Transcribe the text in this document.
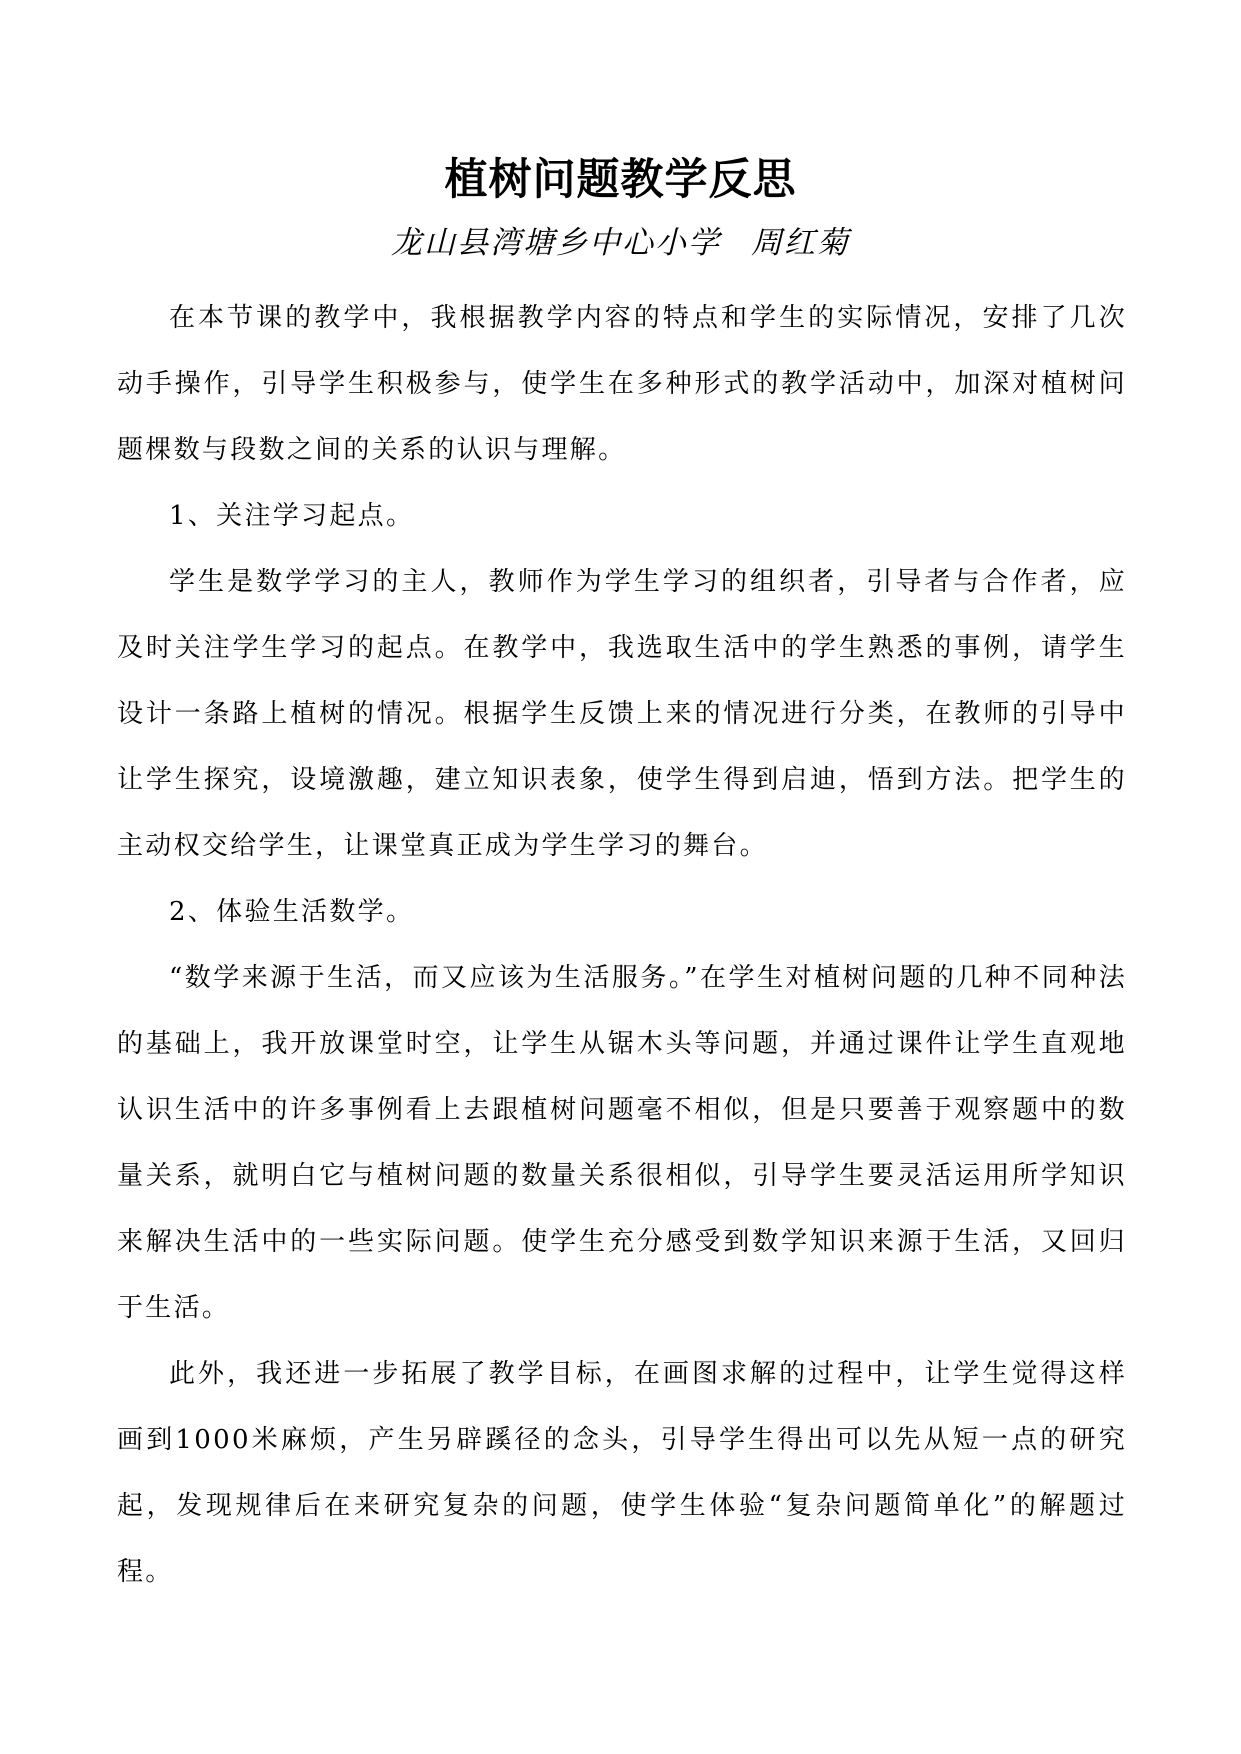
植树问题教学反思
龙山县湾塘乡中心小学 周红菊

在本节课的教学中，我根据教学内容的特点和学生的实际情况，安排了几次动手操作，引导学生积极参与，使学生在多种形式的教学活动中，加深对植树问题棵数与段数之间的关系的认识与理解。

1、关注学习起点。

学生是数学学习的主人，教师作为学生学习的组织者，引导者与合作者，应及时关注学生学习的起点。在教学中，我选取生活中的学生熟悉的事例，请学生设计一条路上植树的情况。根据学生反馈上来的情况进行分类，在教师的引导中让学生探究，设境激趣，建立知识表象，使学生得到启迪，悟到方法。把学生的主动权交给学生，让课堂真正成为学生学习的舞台。

2、体验生活数学。

“数学来源于生活，而又应该为生活服务。”在学生对植树问题的几种不同种法的基础上，我开放课堂时空，让学生从锯木头等问题，并通过课件让学生直观地认识生活中的许多事例看上去跟植树问题毫不相似，但是只要善于观察题中的数量关系，就明白它与植树问题的数量关系很相似，引导学生要灵活运用所学知识来解决生活中的一些实际问题。使学生充分感受到数学知识来源于生活，又回归于生活。

此外，我还进一步拓展了教学目标，在画图求解的过程中，让学生觉得这样画到1000米麻烦，产生另辟蹊径的念头，引导学生得出可以先从短一点的研究起，发现规律后在来研究复杂的问题，使学生体验“复杂问题简单化”的解题过程。
